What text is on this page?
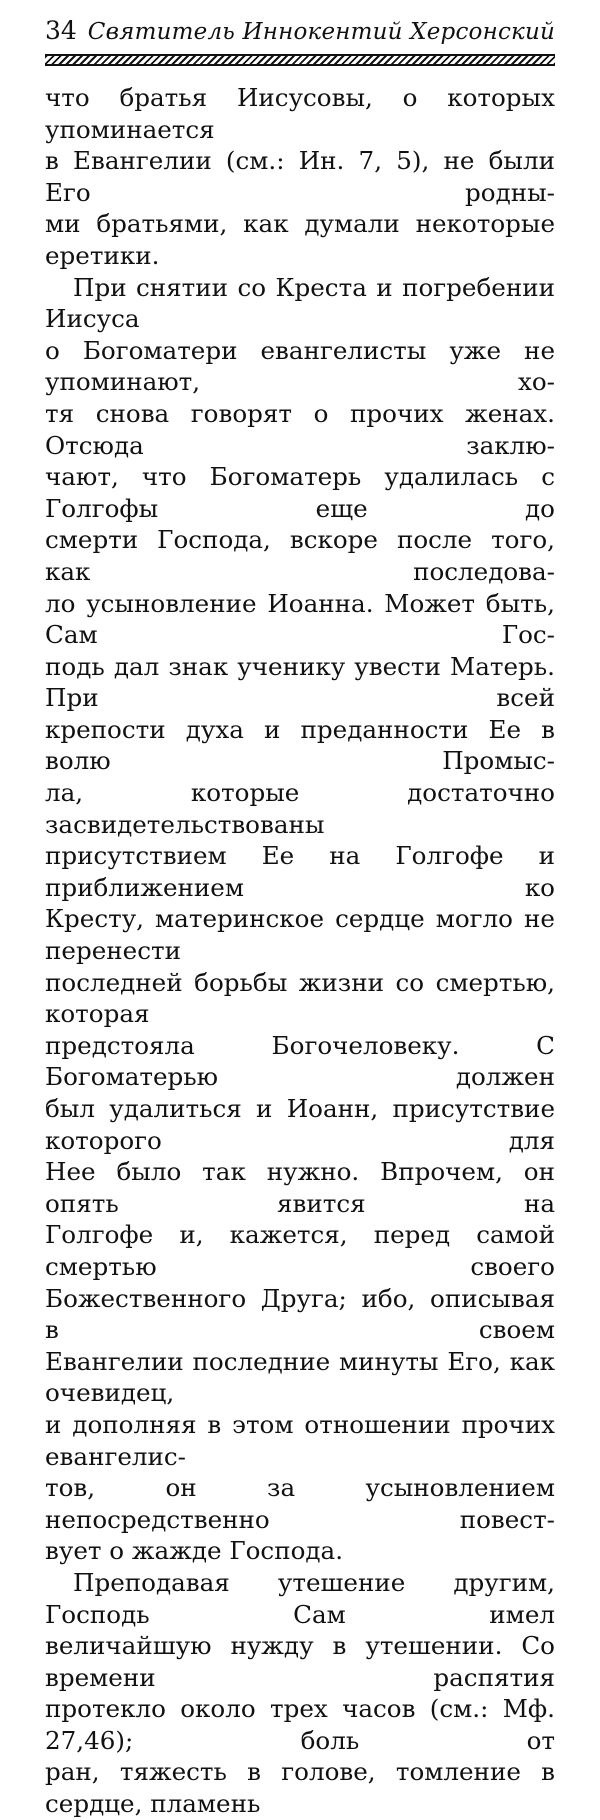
34 Святитель Иннокентий Херсонский

что братья Иисусовы, о которых упоминается
в Евангелии (см.: Ин. 7, 5), не были Его родны-
ми братьями, как думали некоторые еретики.

При снятии со Креста и погребении Иисуса
о Богоматери евангелисты уже не упоминают, хо-
тя снова говорят о прочих женах. Отсюда заклю-
чают, что Богоматерь удалилась с Голгофы еще до
смерти Господа, вскоре после того, как последова-
ло усыновление Иоанна. Может быть, Сам Гос-
подь дал знак ученику увести Матерь. При всей
крепости духа и преданности Ее в волю Промыс-
ла, которые достаточно засвидетельствованы
присутствием Ее на Голгофе и приближением ко
Кресту, материнское сердце могло не перенести
последней борьбы жизни со смертью, которая
предстояла Богочеловеку. С Богоматерью должен
был удалиться и Иоанн, присутствие которого для
Нее было так нужно. Впрочем, он опять явится на
Голгофе и, кажется, перед самой смертью своего
Божественного Друга; ибо, описывая в своем
Евангелии последние минуты Его, как очевидец,
и дополняя в этом отношении прочих евангелис-
тов, он за усыновлением непосредственно повест-
вует о жажде Господа.

Преподавая утешение другим, Господь Сам имел
величайшую нужду в утешении. Со времени распятия
протекло около трех часов (см.: Мф. 27,46); боль от
ран, тяжесть в голове, томление в сердце, пламень
